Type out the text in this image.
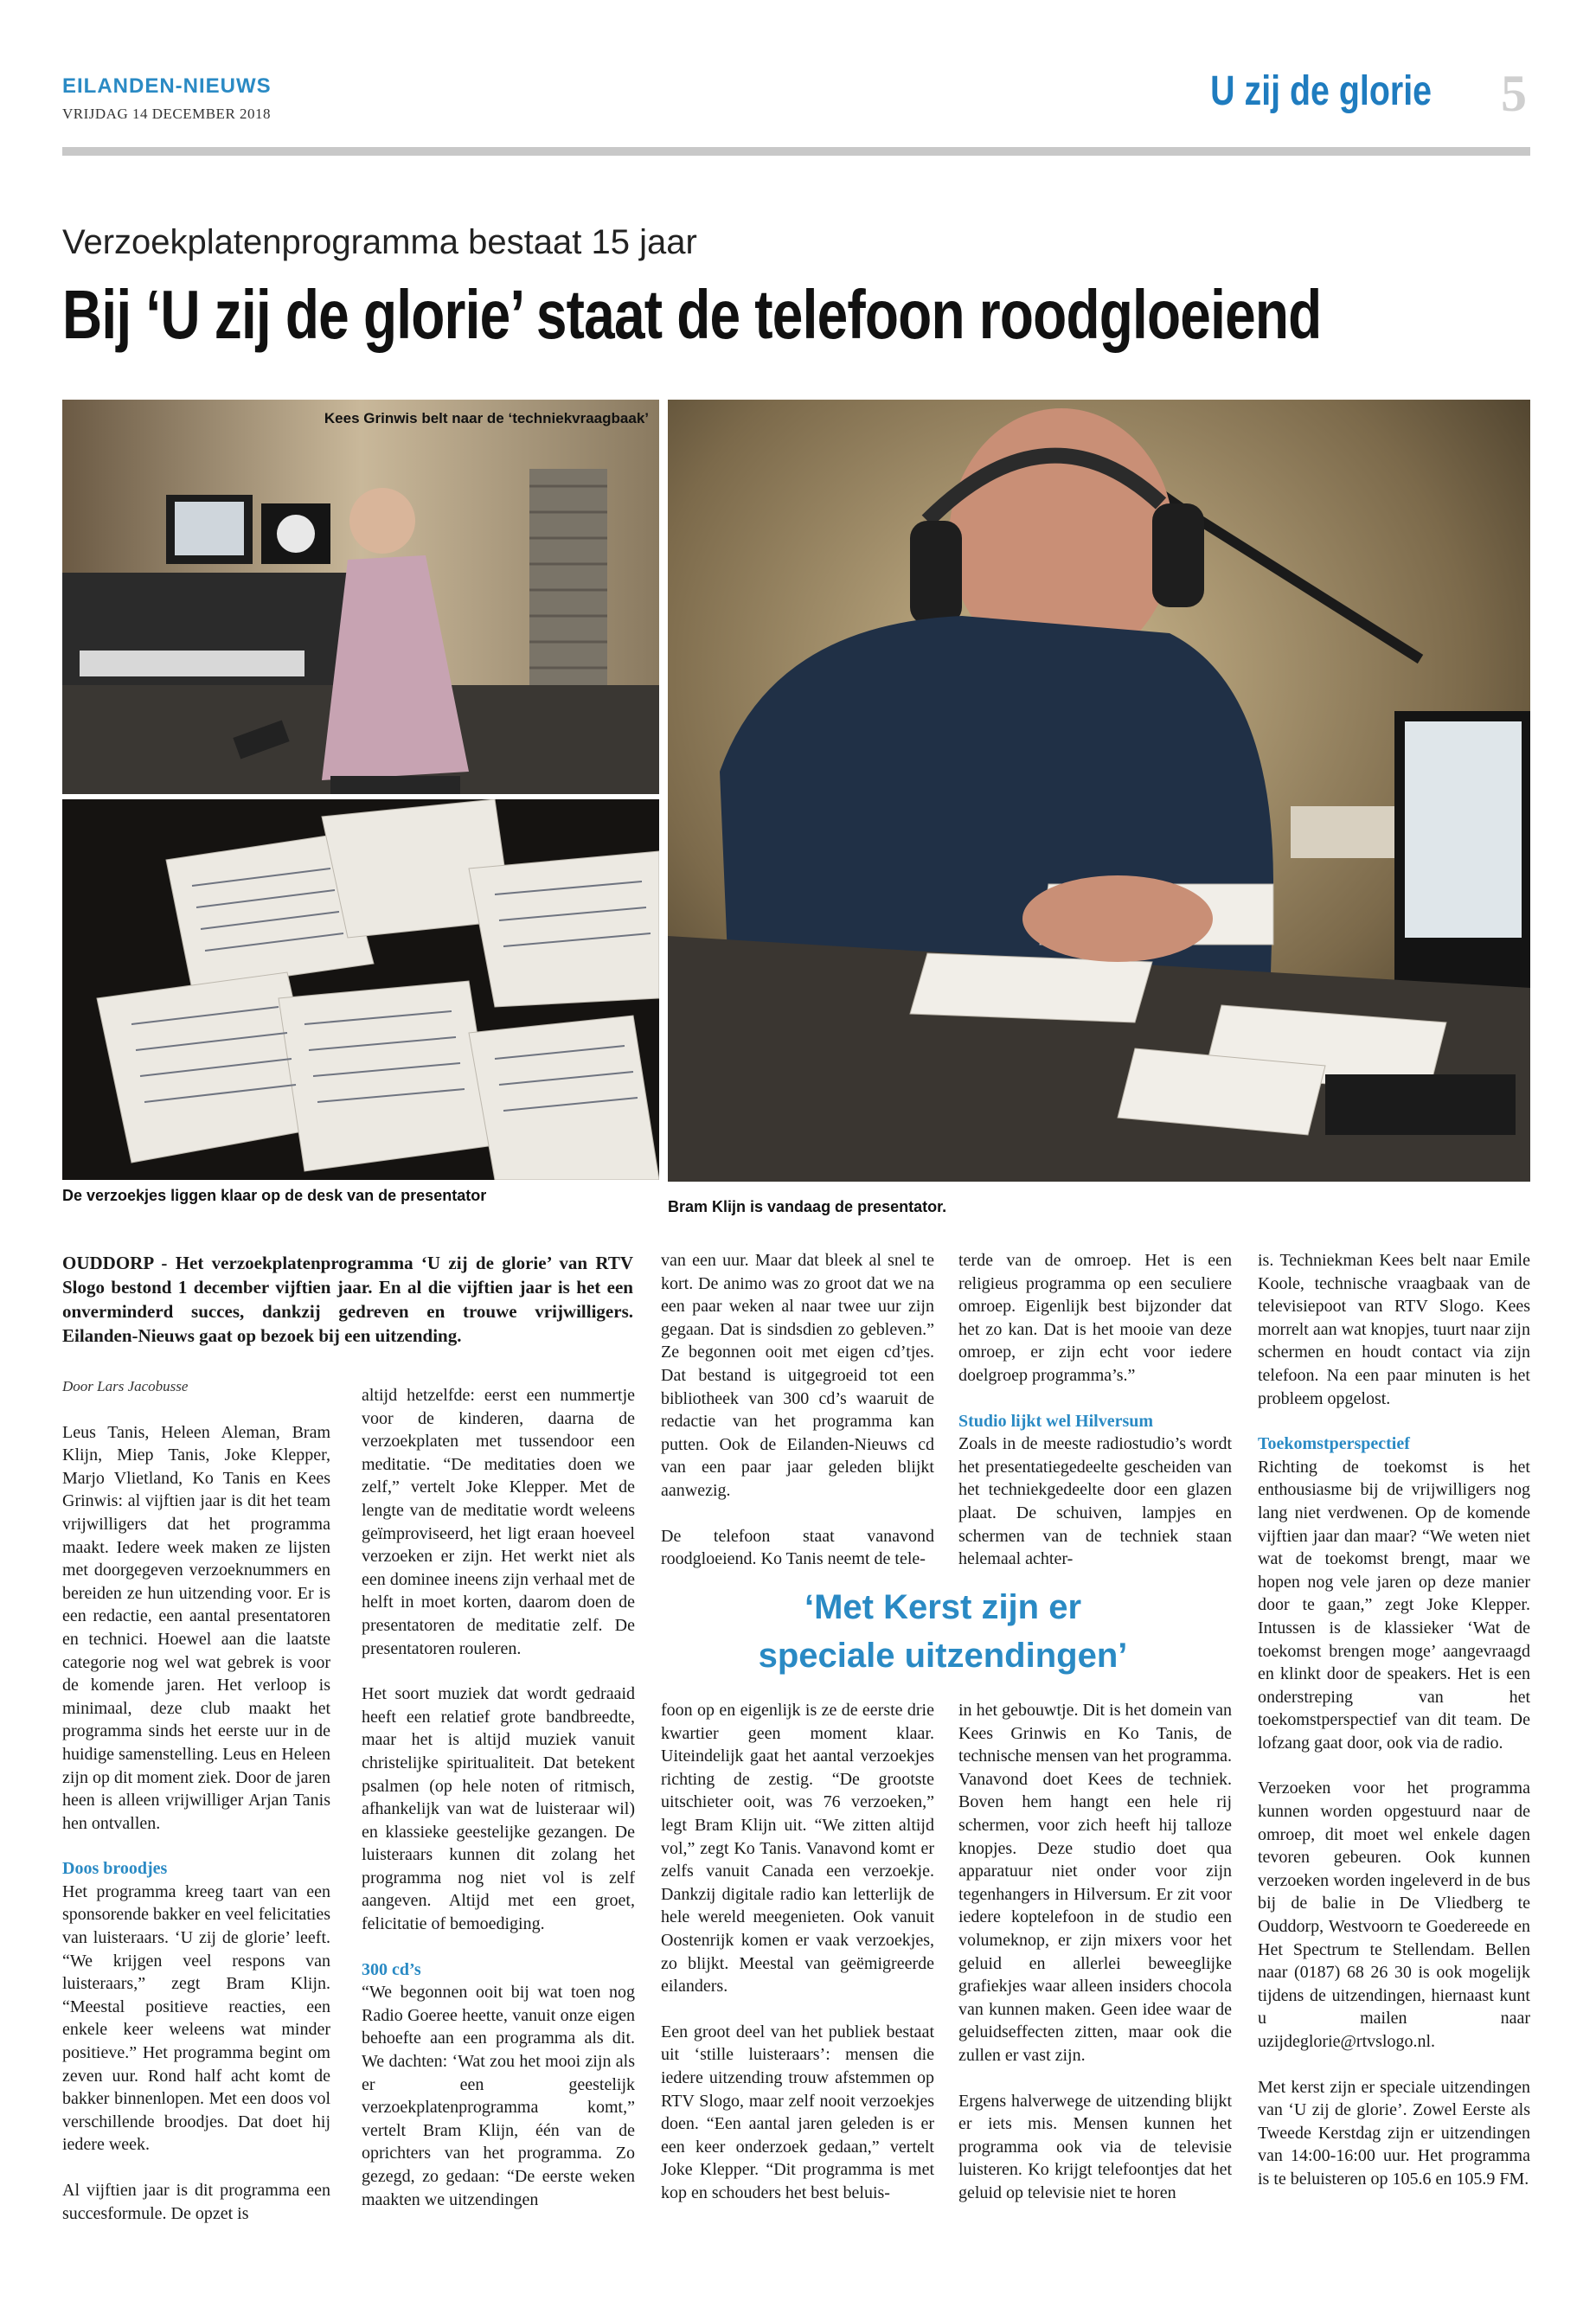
EILANDEN-NIEUWS
VRIJDAG 14 DECEMBER 2018	U zij de glorie 5
Verzoekplatenprogramma bestaat 15 jaar
Bij ‘U zij de glorie’ staat de telefoon roodgloeiend
Kees Grinwis belt naar de ‘techniekvraagbaak’
De verzoekjes liggen klaar op de desk van de presentator
Bram Klijn is vandaag de presentator.
OUDDORP - Het verzoekplatenprogramma ‘U zij de glorie’ van RTV Slogo bestond 1 december vijftien jaar. En al die vijftien jaar is het een onverminderd succes, dankzij gedreven en trouwe vrijwilligers. Eilanden-Nieuws gaat op bezoek bij een uitzending.
Door Lars Jacobusse

Leus Tanis, Heleen Aleman, Bram Klijn, Miep Tanis, Joke Klepper, Marjo Vlietland, Ko Tanis en Kees Grinwis: al vijftien jaar is dit het team vrijwilligers dat het programma maakt. Iedere week maken ze lijsten met doorgegeven verzoeknummers en bereiden ze hun uitzending voor. Er is een redactie, een aantal presentatoren en technici. Hoewel aan die laatste categorie nog wel wat gebrek is voor de komende jaren. Het verloop is minimaal, deze club maakt het programma sinds het eerste uur in de huidige samenstelling. Leus en Heleen zijn op dit moment ziek. Door de jaren heen is alleen vrijwilliger Arjan Tanis hen ontvallen.

Doos broodjes

Het programma kreeg taart van een sponsorende bakker en veel felicitaties van luisteraars. ‘U zij de glorie’ leeft. “We krijgen veel respons van luisteraars,” zegt Bram Klijn. “Meestal positieve reacties, een enkele keer weleens wat minder positieve.” Het programma begint om zeven uur. Rond half acht komt de bakker binnenlopen. Met een doos vol verschillende broodjes. Dat doet hij iedere week.

Al vijftien jaar is dit programma een succesformule. De opzet is

altijd hetzelfde: eerst een nummertje voor de kinderen, daarna de verzoekplaten met tussendoor een meditatie. “De meditaties doen we zelf,” vertelt Joke Klepper. Met de lengte van de meditatie wordt weleens geïmproviseerd, het ligt eraan hoeveel verzoeken er zijn. Het werkt niet als een dominee ineens zijn verhaal met de helft in moet korten, daarom doen de presentatoren de meditatie zelf. De presentatoren rouleren.

Het soort muziek dat wordt gedraaid heeft een relatief grote bandbreedte, maar het is altijd muziek vanuit christelijke spiritualiteit. Dat betekent psalmen (op hele noten of ritmisch, afhankelijk van wat de luisteraar wil) en klassieke geestelijke gezangen. De luisteraars kunnen dit zolang het programma nog niet vol is zelf aangeven. Altijd met een groet, felicitatie of bemoediging.

300 cd’s

“We begonnen ooit bij wat toen nog Radio Goeree heette, vanuit onze eigen behoefte aan een programma als dit. We dachten: ‘Wat zou het mooi zijn als er een geestelijk verzoekplatenprogramma komt,” vertelt Bram Klijn, één van de oprichters van het programma. Zo gezegd, zo gedaan: “De eerste weken maakten we uitzendingen

van een uur. Maar dat bleek al snel te kort. De animo was zo groot dat we na een paar weken al naar twee uur zijn gegaan. Dat is sindsdien zo gebleven.” Ze begonnen ooit met eigen cd’tjes. Dat bestand is uitgegroeid tot een bibliotheek van 300 cd’s waaruit de redactie van het programma kan putten. Ook de Eilanden-Nieuws cd van een paar jaar geleden blijkt aanwezig.

De telefoon staat vanavond roodgloeiend. Ko Tanis neemt de tele-

terde van de omroep. Het is een religieus programma op een seculiere omroep. Eigenlijk best bijzonder dat het zo kan. Dat is het mooie van deze omroep, er zijn echt voor iedere doelgroep programma’s.”

Studio lijkt wel Hilversum

Zoals in de meeste radiostudio’s wordt het presentatiegedeelte gescheiden van het techniekgedeelte door een glazen plaat. De schuiven, lampjes en schermen van de techniek staan helemaal achter-

‘Met Kerst zijn er
speciale uitzendingen’

foon op en eigenlijk is ze de eerste drie kwartier geen moment klaar. Uiteindelijk gaat het aantal verzoekjes richting de zestig. “De grootste uitschieter ooit, was 76 verzoeken,” legt Bram Klijn uit. “We zitten altijd vol,” zegt Ko Tanis. Vanavond komt er zelfs vanuit Canada een verzoekje. Dankzij digitale radio kan letterlijk de hele wereld meegenieten. Ook vanuit Oostenrijk komen er vaak verzoekjes, zo blijkt. Meestal van geëmigreerde eilanders.

Een groot deel van het publiek bestaat uit ‘stille luisteraars’: mensen die iedere uitzending trouw afstemmen op RTV Slogo, maar zelf nooit verzoekjes doen. “Een aantal jaren geleden is er een keer onderzoek gedaan,” vertelt Joke Klepper. “Dit programma is met kop en schouders het best beluis-

in het gebouwtje. Dit is het domein van Kees Grinwis en Ko Tanis, de technische mensen van het programma. Vanavond doet Kees de techniek. Boven hem hangt een hele rij schermen, voor zich heeft hij talloze knopjes. Deze studio doet qua apparatuur niet onder voor zijn tegenhangers in Hilversum. Er zit voor iedere koptelefoon in de studio een volumeknop, er zijn mixers voor het geluid en allerlei beweeglijke grafiekjes waar alleen insiders chocola van kunnen maken. Geen idee waar de geluidseffecten zitten, maar ook die zullen er vast zijn.

Ergens halverwege de uitzending blijkt er iets mis. Mensen kunnen het programma ook via de televisie luisteren. Ko krijgt telefoontjes dat het geluid op televisie niet te horen

is. Techniekman Kees belt naar Emile Koole, technische vraagbaak van de televisiepoot van RTV Slogo. Kees morrelt aan wat knopjes, tuurt naar zijn schermen en houdt contact via zijn telefoon. Na een paar minuten is het probleem opgelost.

Toekomstperspectief

Richting de toekomst is het enthousiasme bij de vrijwilligers nog lang niet verdwenen. Op de komende vijftien jaar dan maar? “We weten niet wat de toekomst brengt, maar we hopen nog vele jaren op deze manier door te gaan,” zegt Joke Klepper. Intussen is de klassieker ‘Wat de toekomst brengen moge’ aangevraagd en klinkt door de speakers. Het is een onderstreping van het toekomstperspectief van dit team. De lofzang gaat door, ook via de radio.

Verzoeken voor het programma kunnen worden opgestuurd naar de omroep, dit moet wel enkele dagen tevoren gebeuren. Ook kunnen verzoeken worden ingeleverd in de bus bij de balie in De Vliedberg te Ouddorp, Westvoorn te Goedereede en Het Spectrum te Stellendam. Bellen naar (0187) 68 26 30 is ook mogelijk tijdens de uitzendingen, hiernaast kunt u mailen naar uzijdeglorie@rtvslogo.nl.

Met kerst zijn er speciale uitzendingen van ‘U zij de glorie’. Zowel Eerste als Tweede Kerstdag zijn er uitzendingen van 14:00-16:00 uur. Het programma is te beluisteren op 105.6 en 105.9 FM.
